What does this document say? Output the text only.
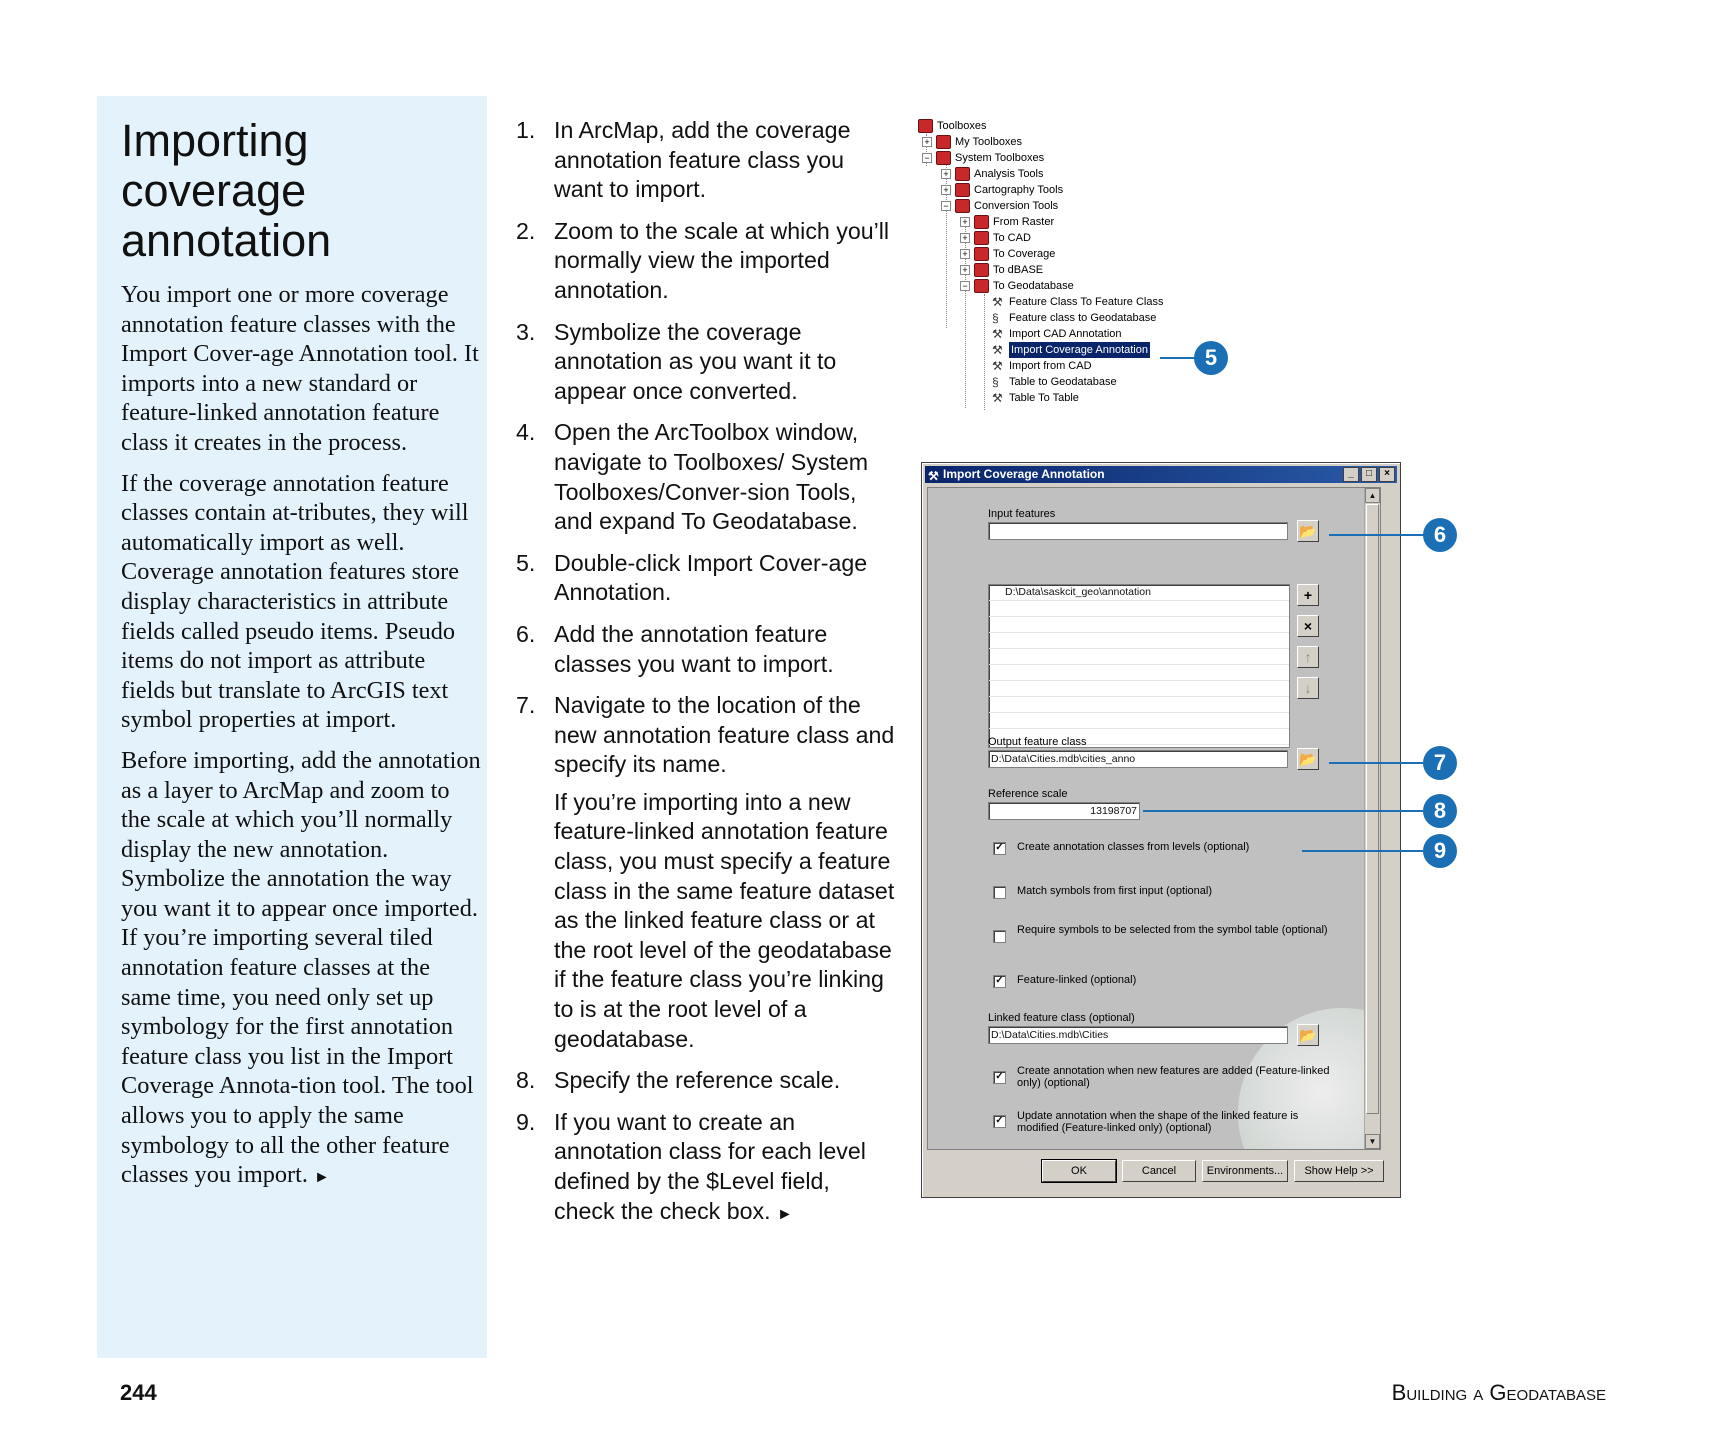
Importing
coverage
annotation

You import one or more coverage annotation feature classes with the Import Cover-age Annotation tool. It imports into a new standard or feature-linked annotation feature class it creates in the process.

If the coverage annotation feature classes contain at-tributes, they will automatically import as well. Coverage annotation features store display characteristics in attribute fields called pseudo items. Pseudo items do not import as attribute fields but translate to ArcGIS text symbol properties at import.

Before importing, add the annotation as a layer to ArcMap and zoom to the scale at which you’ll normally display the new annotation. Symbolize the annotation the way you want it to appear once imported. If you’re importing several tiled annotation feature classes at the same time, you need only set up symbology for the first annotation feature class you list in the Import Coverage Annota-tion tool. The tool allows you to apply the same symbology to all the other feature classes you import. ►

1. In ArcMap, add the coverage annotation feature class you want to import.
2. Zoom to the scale at which you’ll normally view the imported annotation.
3. Symbolize the coverage annotation as you want it to appear once converted.
4. Open the ArcToolbox window, navigate to Toolboxes/ System Toolboxes/Conver-sion Tools, and expand To Geodatabase.
5. Double-click Import Cover-age Annotation.
6. Add the annotation feature classes you want to import.
7. Navigate to the location of the new annotation feature class and specify its name.
If you’re importing into a new feature-linked annotation feature class, you must specify a feature class in the same feature dataset as the linked feature class or at the root level of the geodatabase if the feature class you’re linking to is at the root level of a geodatabase.
8. Specify the reference scale.
9. If you want to create an annotation class for each level defined by the $Level field, check the check box. ►
Toolboxes
+ My Toolboxes
− System Toolboxes
+ Analysis Tools
+ Cartography Tools
− Conversion Tools
+ From Raster
+ To CAD
+ To Coverage
+ To dBASE
− To Geodatabase
⚒ Feature Class To Feature Class
§ Feature class to Geodatabase
⚒ Import CAD Annotation
⚒ Import Coverage Annotation
⚒ Import from CAD
§ Table to Geodatabase
⚒ Table To Table
5
⚒ Import Coverage Annotation	_	□	×
Input features
📂
D:\Data\saskcit_geo\annotation	+
×
↑
↓
Output feature class
D:\Data\Cities.mdb\cities_anno	📂
Reference scale
13198707
✓ Create annotation classes from levels (optional)
Match symbols from first input (optional)
Require symbols to be selected from the symbol table (optional)
✓ Feature-linked (optional)
Linked feature class (optional)
D:\Data\Cities.mdb\Cities	📂
✓ Create annotation when new features are added (Feature-linked only) (optional)
✓ Update annotation when the shape of the linked feature is modified (Feature-linked only) (optional)
▲
▼
OK	Cancel	Environments...	Show Help >>
6
7
8
9
244	Building a Geodatabase
